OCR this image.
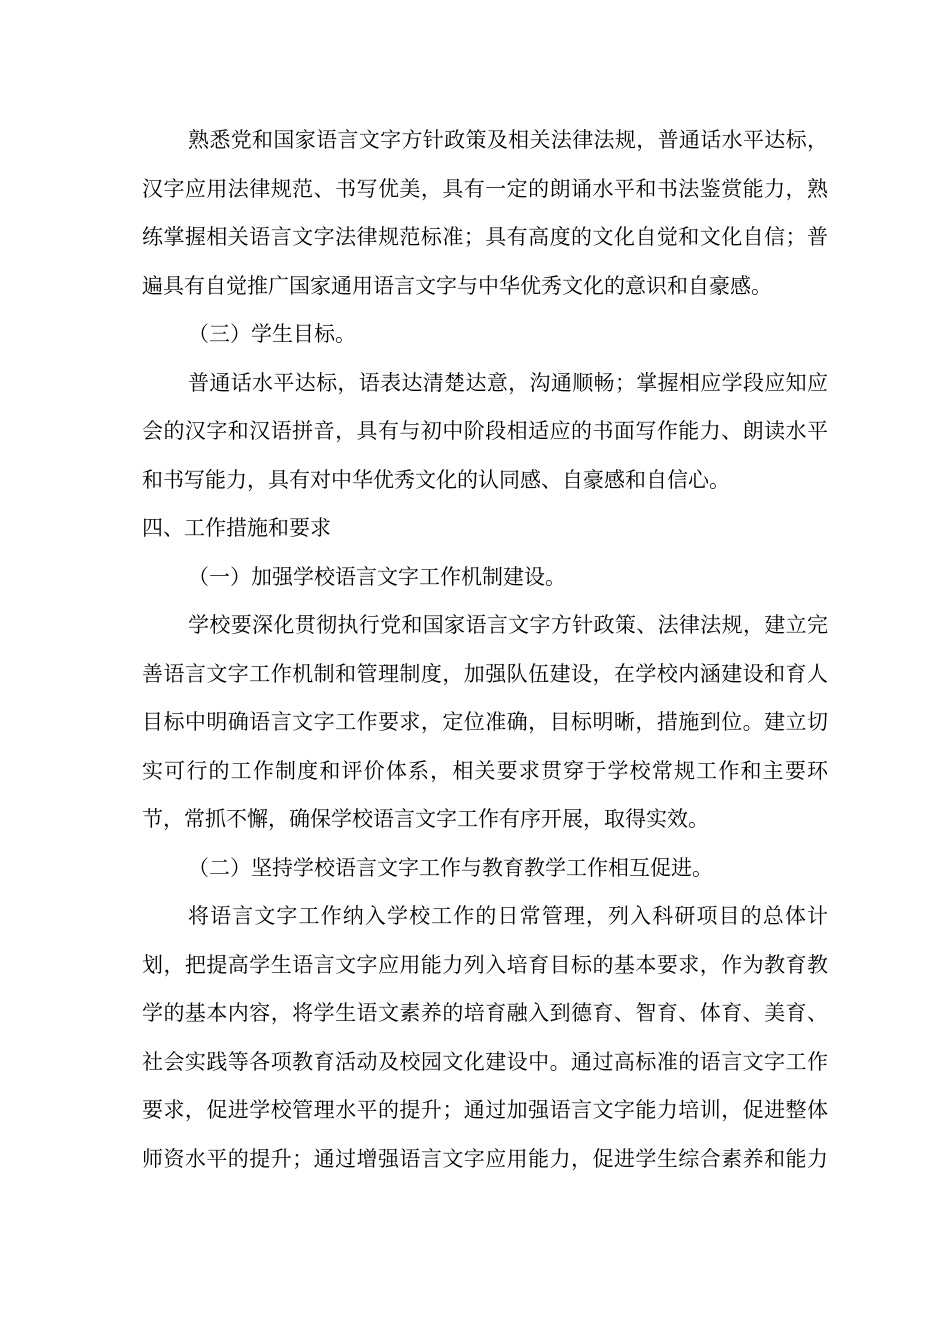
熟悉党和国家语言文字方针政策及相关法律法规，普通话水平达标，
汉字应用法律规范、书写优美，具有一定的朗诵水平和书法鉴赏能力，熟
练掌握相关语言文字法律规范标准；具有高度的文化自觉和文化自信；普
遍具有自觉推广国家通用语言文字与中华优秀文化的意识和自豪感。
（三）学生目标。
普通话水平达标，语表达清楚达意，沟通顺畅；掌握相应学段应知应
会的汉字和汉语拼音，具有与初中阶段相适应的书面写作能力、朗读水平
和书写能力，具有对中华优秀文化的认同感、自豪感和自信心。
四、工作措施和要求
（一）加强学校语言文字工作机制建设。
学校要深化贯彻执行党和国家语言文字方针政策、法律法规，建立完
善语言文字工作机制和管理制度，加强队伍建设，在学校内涵建设和育人
目标中明确语言文字工作要求，定位准确，目标明晰，措施到位。建立切
实可行的工作制度和评价体系，相关要求贯穿于学校常规工作和主要环
节，常抓不懈，确保学校语言文字工作有序开展，取得实效。
（二）坚持学校语言文字工作与教育教学工作相互促进。
将语言文字工作纳入学校工作的日常管理，列入科研项目的总体计
划，把提高学生语言文字应用能力列入培育目标的基本要求，作为教育教
学的基本内容，将学生语文素养的培育融入到德育、智育、体育、美育、
社会实践等各项教育活动及校园文化建设中。通过高标准的语言文字工作
要求，促进学校管理水平的提升；通过加强语言文字能力培训，促进整体
师资水平的提升；通过增强语言文字应用能力，促进学生综合素养和能力
